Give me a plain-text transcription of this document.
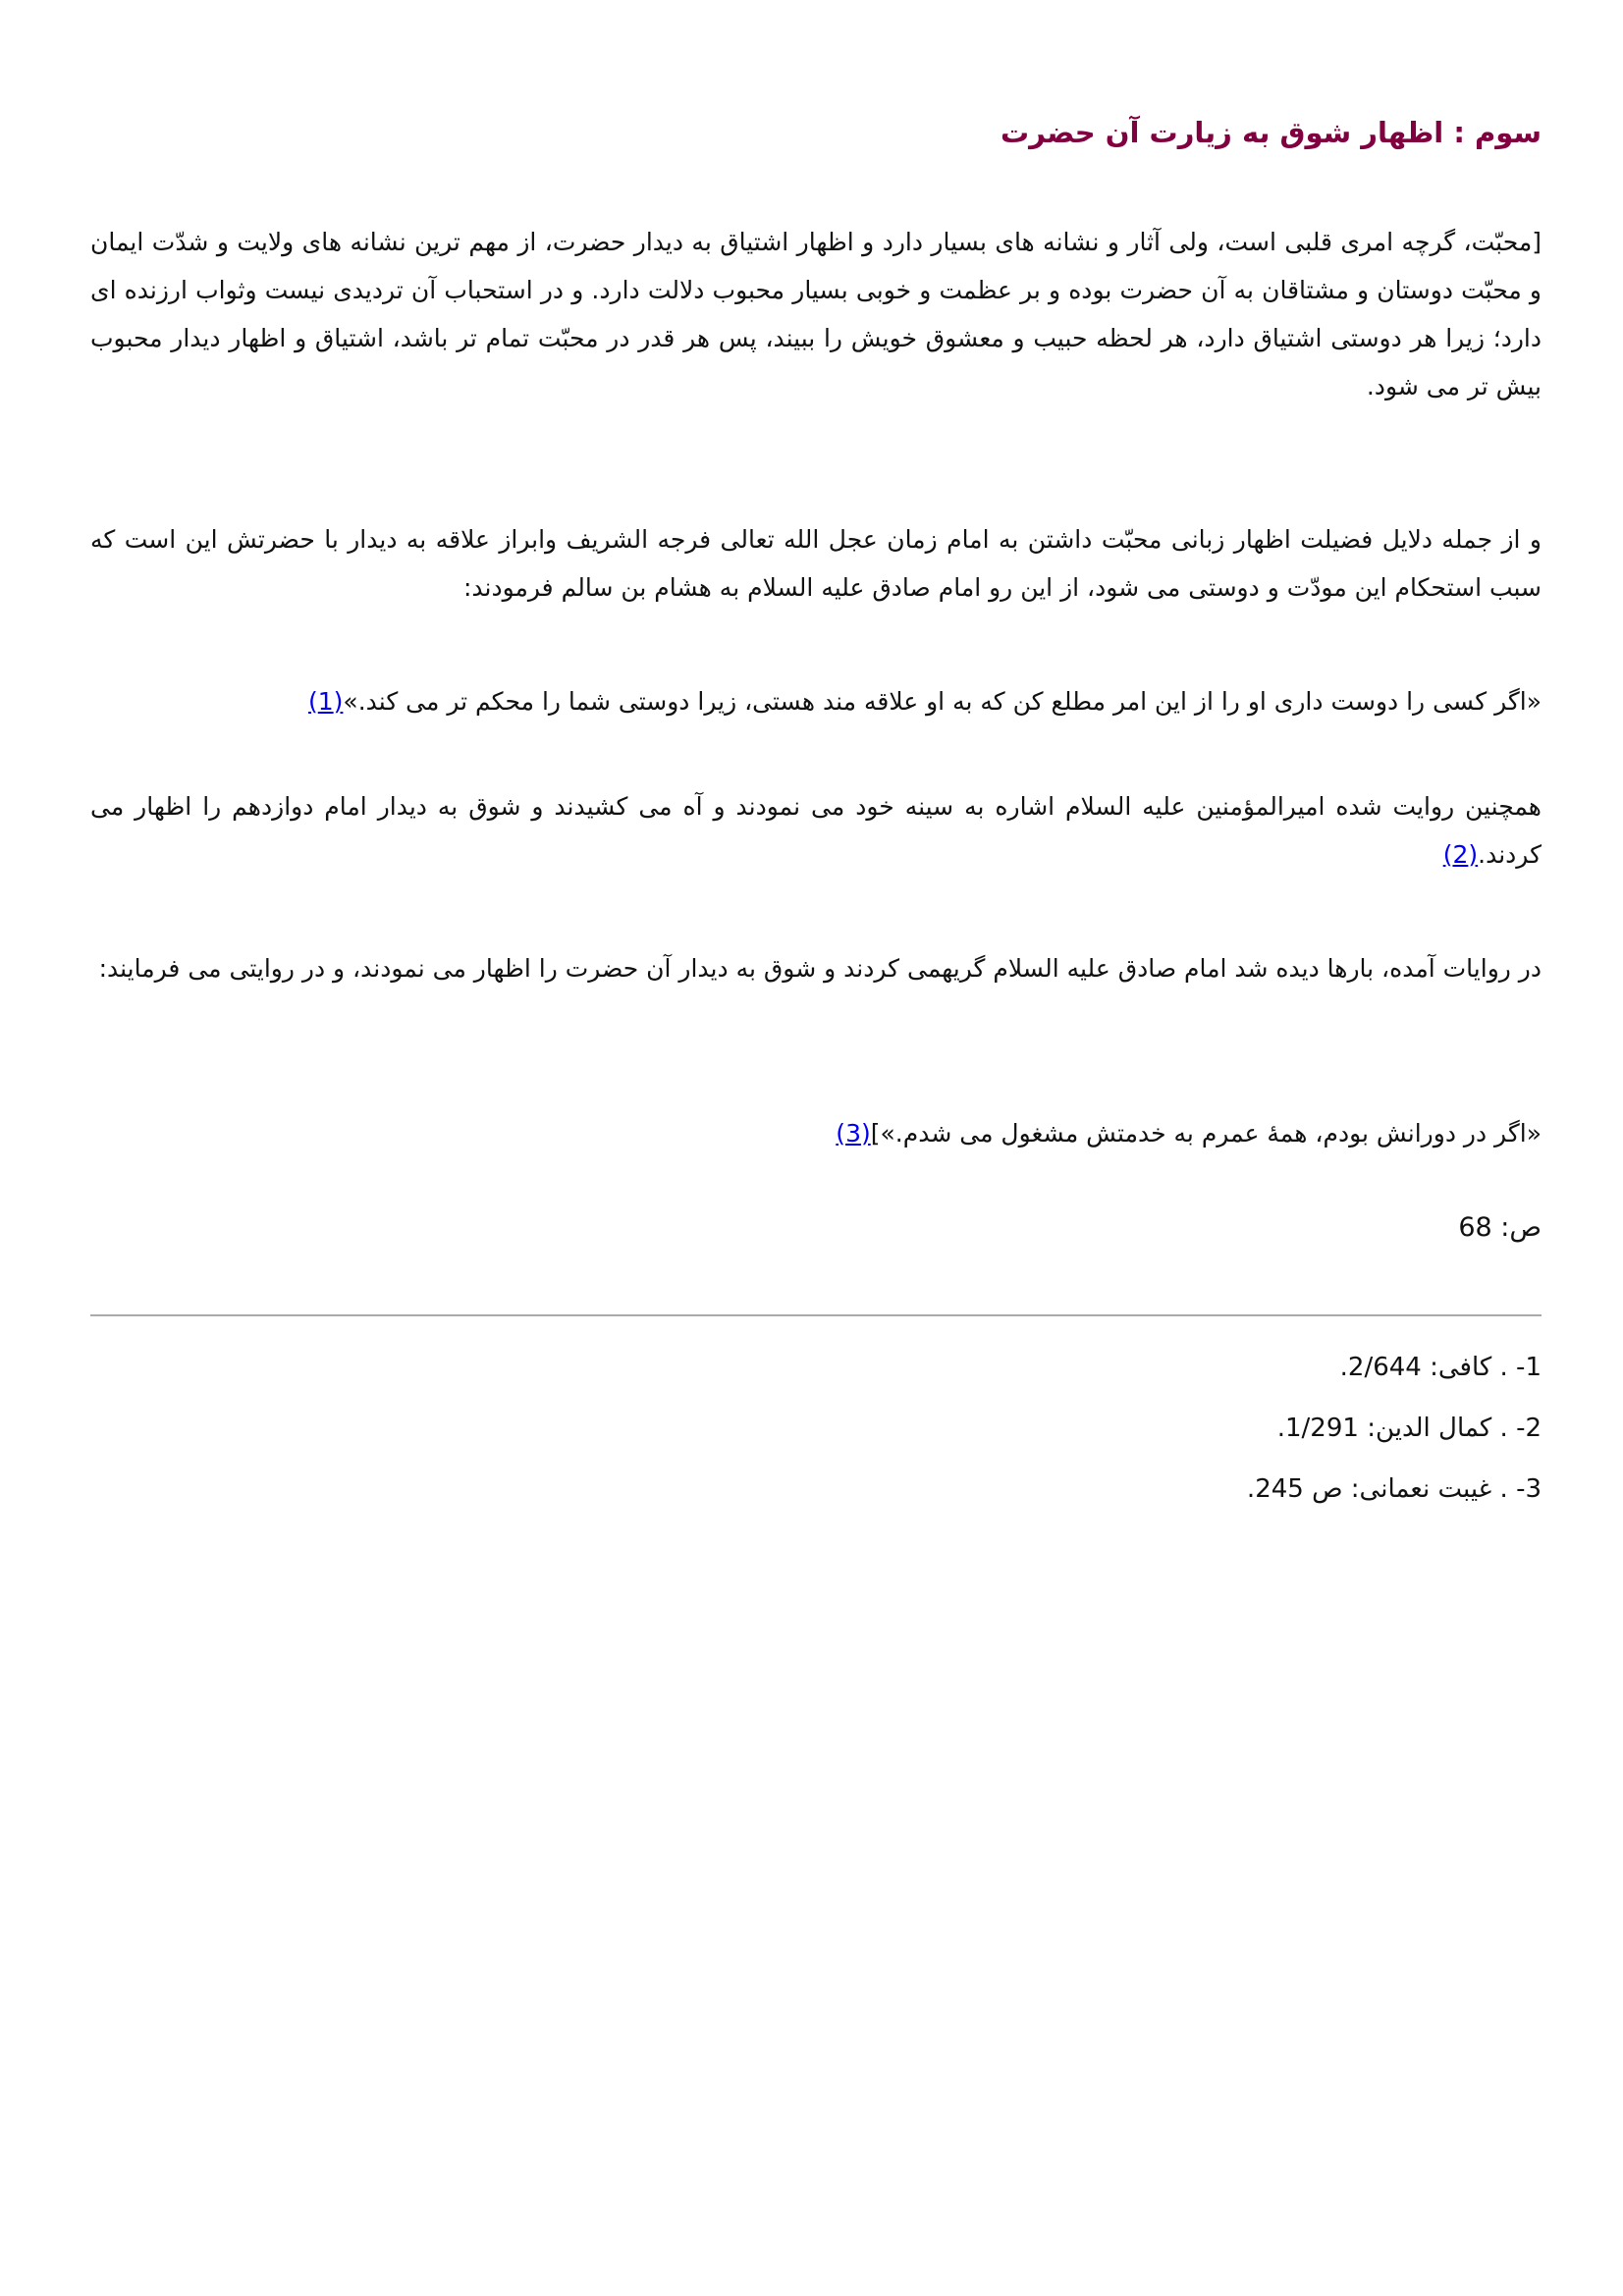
سوم : اظهار شوق به زیارت آن حضرت

[محبّت، گرچه امری قلبی است، ولی آثار و نشانه های بسیار دارد و اظهار اشتیاق به دیدار حضرت، از مهم ترین نشانه های ولایت و شدّت ایمان و محبّت دوستان و مشتاقان به آن حضرت بوده و بر عظمت و خوبی بسیار محبوب دلالت دارد. و در استحباب آن تردیدی نیست وثواب ارزنده ای دارد؛ زیرا هر دوستی اشتیاق دارد، هر لحظه حبیب و معشوق خویش را ببیند، پس هر قدر در محبّت تمام تر باشد، اشتیاق و اظهار دیدار محبوب بیش تر می شود.

و از جمله دلایل فضیلت اظهار زبانی محبّت داشتن به امام زمان عجل الله تعالی فرجه الشریف وابراز علاقه به دیدار با حضرتش این است که سبب استحکام این مودّت و دوستی می شود، از این رو امام صادق علیه السلام به هشام بن سالم فرمودند:

«اگر کسی را دوست داری او را از این امر مطلع کن که به او علاقه مند هستی، زیرا دوستی شما را محکم تر می کند.»(1)

همچنین روایت شده امیرالمؤمنین علیه السلام اشاره به سینه خود می نمودند و آه می کشیدند و شوق به دیدار امام دوازدهم را اظهار می کردند.(2)

در روایات آمده، بارها دیده شد امام صادق علیه السلام گریهمی کردند و شوق به دیدار آن حضرت را اظهار می نمودند، و در روایتی می فرمایند:

«اگر در دورانش بودم، همهٔ عمرم به خدمتش مشغول می شدم.»](3)

ص: 68

1- . کافی: 2/644.
2- . کمال الدین: 1/291.
3- . غیبت نعمانی: ص 245.
